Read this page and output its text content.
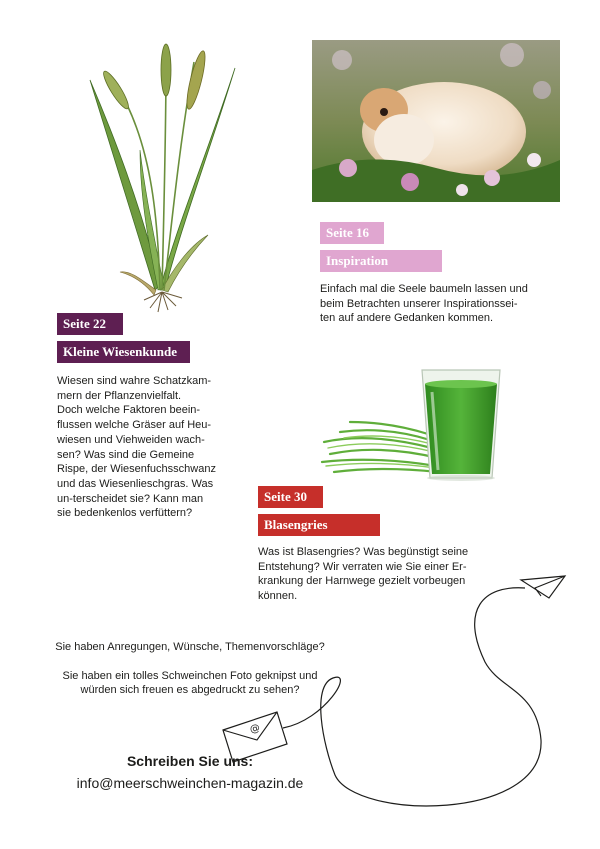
Seite 16
Inspiration

Einfach mal die Seele baumeln lassen und
beim Betrachten unserer Inspirationssei-
ten auf andere Gedanken kommen.

Seite 22
Kleine Wiesenkunde

Wiesen sind wahre Schatzkam-
mern der Pflanzenvielfalt.
Doch welche Faktoren beein-
flussen welche Gräser auf Heu-
wiesen und Viehweiden wach-
sen? Was sind die Gemeine
Rispe, der Wiesenfuchsschwanz
und das Wiesenlieschgras. Was
un-terscheidet sie? Kann man
sie bedenkenlos verfüttern?

Seite 30
Blasengries

Was ist Blasengries? Was begünstigt seine
Entstehung? Wir verraten wie Sie einer Er-
krankung der Harnwege gezielt vorbeugen
können.

@
Sie haben Anregungen, Wünsche, Themenvorschläge?
Sie haben ein tolles Schweinchen Foto geknipst und
würden sich freuen es abgedruckt zu sehen?
Schreiben Sie uns:
info@meerschweinchen-magazin.de
